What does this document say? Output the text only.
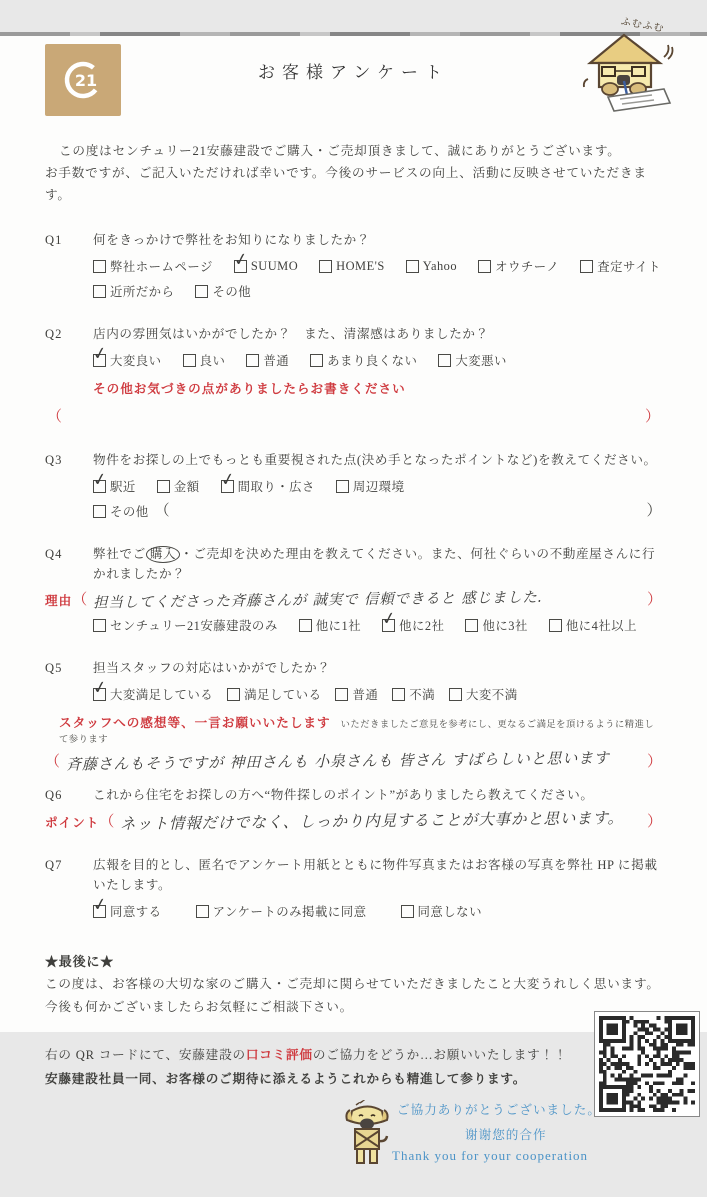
21	お客様アンケート
ふむふむ

この度はセンチュリー21安藤建設でご購入・ご売却頂きまして、誠にありがとうございます。
お手数ですが、ご記入いただければ幸いです。今後のサービスの向上、活動に反映させていただきます。

Q1	何をきっかけで弊社をお知りになりましたか？
弊社ホームページ ✓ SUUMO	HOME'S	Yahoo	オウチーノ	査定サイト
近所だから	その他
Q2	店内の雰囲気はいかがでしたか？　また、清潔感はありましたか？
✓ 大変良い	良い	普通	あまり良くない	大変悪い
その他お気づきの点がありましたらお書きください
（	）
Q3	物件をお探しの上でもっとも重要視された点(決め手となったポイントなど)を教えてください。
✓ 駅近	金額 ✓ 間取り・広さ	周辺環境
その他 （	）
Q4	弊社でご 購入 ・ご売却を決めた理由を教えてください。また、何社ぐらいの不動産屋さんに行かれましたか？
理由 （ 担当してくださった斉藤さんが 誠実で 信頼できると 感じました.	）
センチュリー21安藤建設のみ	他に1社 ✓ 他に2社	他に3社	他に4社以上
Q5	担当スタッフの対応はいかがでしたか？
✓ 大変満足している	満足している	普通	不満	大変不満
スタッフへの感想等、一言お願いいたします いただきましたご意見を参考にし、更なるご満足を頂けるように精進して参ります
（ 斉藤さんもそうですが 神田さんも 小泉さんも 皆さん すばらしいと思います	）
Q6	これから住宅をお探しの方へ“物件探しのポイント”がありましたら教えてください。
ポイント （ ネット情報だけでなく、しっかり内見することが大事かと思います。	）
Q7	広報を目的とし、匿名でアンケート用紙とともに物件写真またはお客様の写真を弊社 HP に掲載いたします。
✓ 同意する	アンケートのみ掲載に同意	同意しない
★最後に★
この度は、お客様の大切な家のご購入・ご売却に関らせていただきましたこと大変うれしく思います。
今後も何かございましたらお気軽にご相談下さい。
右の QR コードにて、安藤建設の口コミ評価のご協力をどうか…お願いいたします！！
安藤建設社員一同、お客様のご期待に添えるようこれからも精進して参ります。
ご協力ありがとうございました。
谢谢您的合作
Thank you for your cooperation
